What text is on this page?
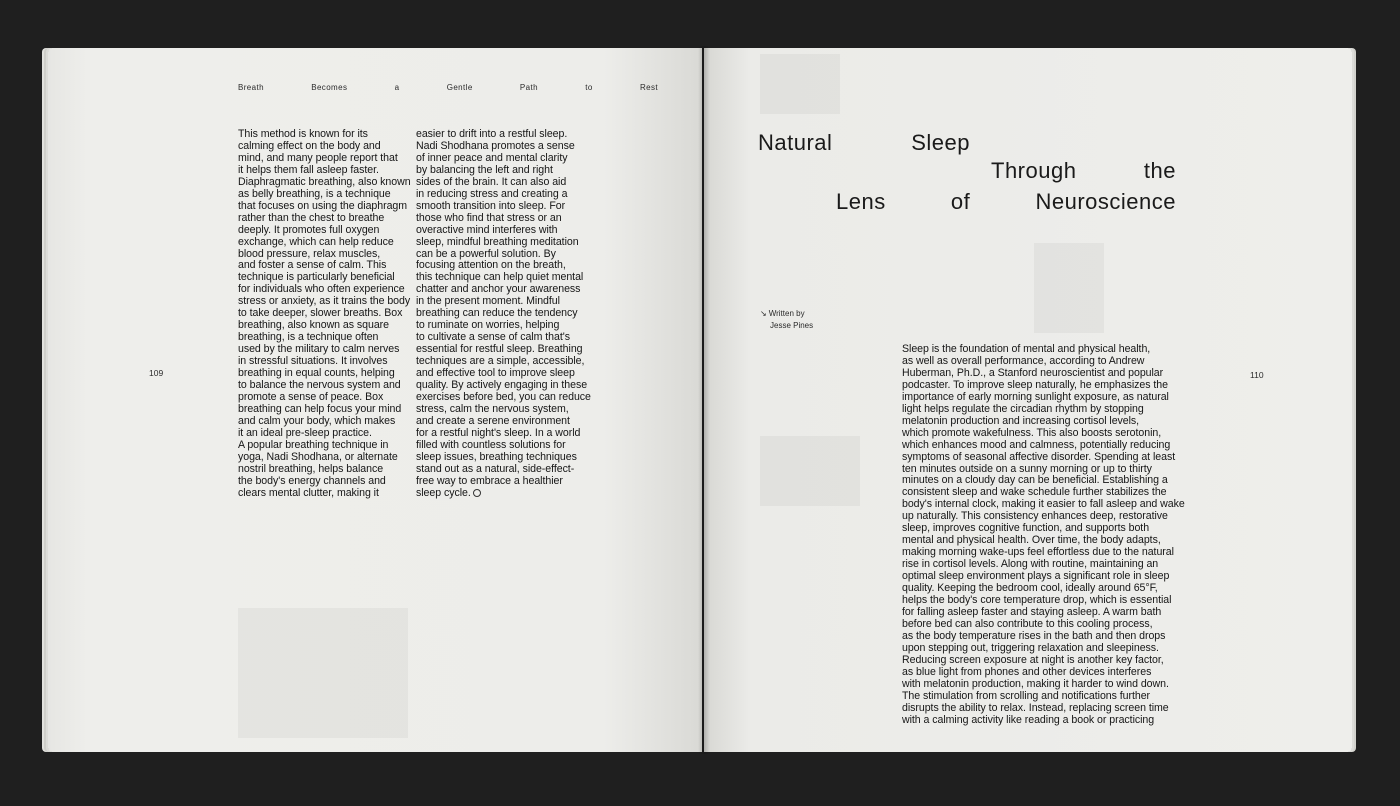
Breath	Becomes	a	Gentle	Path	to	Rest
109
This method is known for its
calming effect on the body and
mind, and many people report that
it helps them fall asleep faster.
Diaphragmatic breathing, also known
as belly breathing, is a technique
that focuses on using the diaphragm
rather than the chest to breathe
deeply. It promotes full oxygen
exchange, which can help reduce
blood pressure, relax muscles,
and foster a sense of calm. This
technique is particularly beneficial
for individuals who often experience
stress or anxiety, as it trains the body
to take deeper, slower breaths. Box
breathing, also known as square
breathing, is a technique often
used by the military to calm nerves
in stressful situations. It involves
breathing in equal counts, helping
to balance the nervous system and
promote a sense of peace. Box
breathing can help focus your mind
and calm your body, which makes
it an ideal pre-sleep practice.
A popular breathing technique in
yoga, Nadi Shodhana, or alternate
nostril breathing, helps balance
the body's energy channels and
clears mental clutter, making it
easier to drift into a restful sleep.
Nadi Shodhana promotes a sense
of inner peace and mental clarity
by balancing the left and right
sides of the brain. It can also aid
in reducing stress and creating a
smooth transition into sleep. For
those who find that stress or an
overactive mind interferes with
sleep, mindful breathing meditation
can be a powerful solution. By
focusing attention on the breath,
this technique can help quiet mental
chatter and anchor your awareness
in the present moment. Mindful
breathing can reduce the tendency
to ruminate on worries, helping
to cultivate a sense of calm that's
essential for restful sleep. Breathing
techniques are a simple, accessible,
and effective tool to improve sleep
quality. By actively engaging in these
exercises before bed, you can reduce
stress, calm the nervous system,
and create a serene environment
for a restful night's sleep. In a world
filled with countless solutions for
sleep issues, breathing techniques
stand out as a natural, side-effect-
free way to embrace a healthier
sleep cycle.
Natural	Sleep
Through	the
Lens	of	Neuroscience
↘ Written by
Jesse Pines
110
Sleep is the foundation of mental and physical health,
as well as overall performance, according to Andrew
Huberman, Ph.D., a Stanford neuroscientist and popular
podcaster. To improve sleep naturally, he emphasizes the
importance of early morning sunlight exposure, as natural
light helps regulate the circadian rhythm by stopping
melatonin production and increasing cortisol levels,
which promote wakefulness. This also boosts serotonin,
which enhances mood and calmness, potentially reducing
symptoms of seasonal affective disorder. Spending at least
ten minutes outside on a sunny morning or up to thirty
minutes on a cloudy day can be beneficial. Establishing a
consistent sleep and wake schedule further stabilizes the
body's internal clock, making it easier to fall asleep and wake
up naturally. This consistency enhances deep, restorative
sleep, improves cognitive function, and supports both
mental and physical health. Over time, the body adapts,
making morning wake-ups feel effortless due to the natural
rise in cortisol levels. Along with routine, maintaining an
optimal sleep environment plays a significant role in sleep
quality. Keeping the bedroom cool, ideally around 65°F,
helps the body's core temperature drop, which is essential
for falling asleep faster and staying asleep. A warm bath
before bed can also contribute to this cooling process,
as the body temperature rises in the bath and then drops
upon stepping out, triggering relaxation and sleepiness.
Reducing screen exposure at night is another key factor,
as blue light from phones and other devices interferes
with melatonin production, making it harder to wind down.
The stimulation from scrolling and notifications further
disrupts the ability to relax. Instead, replacing screen time
with a calming activity like reading a book or practicing
